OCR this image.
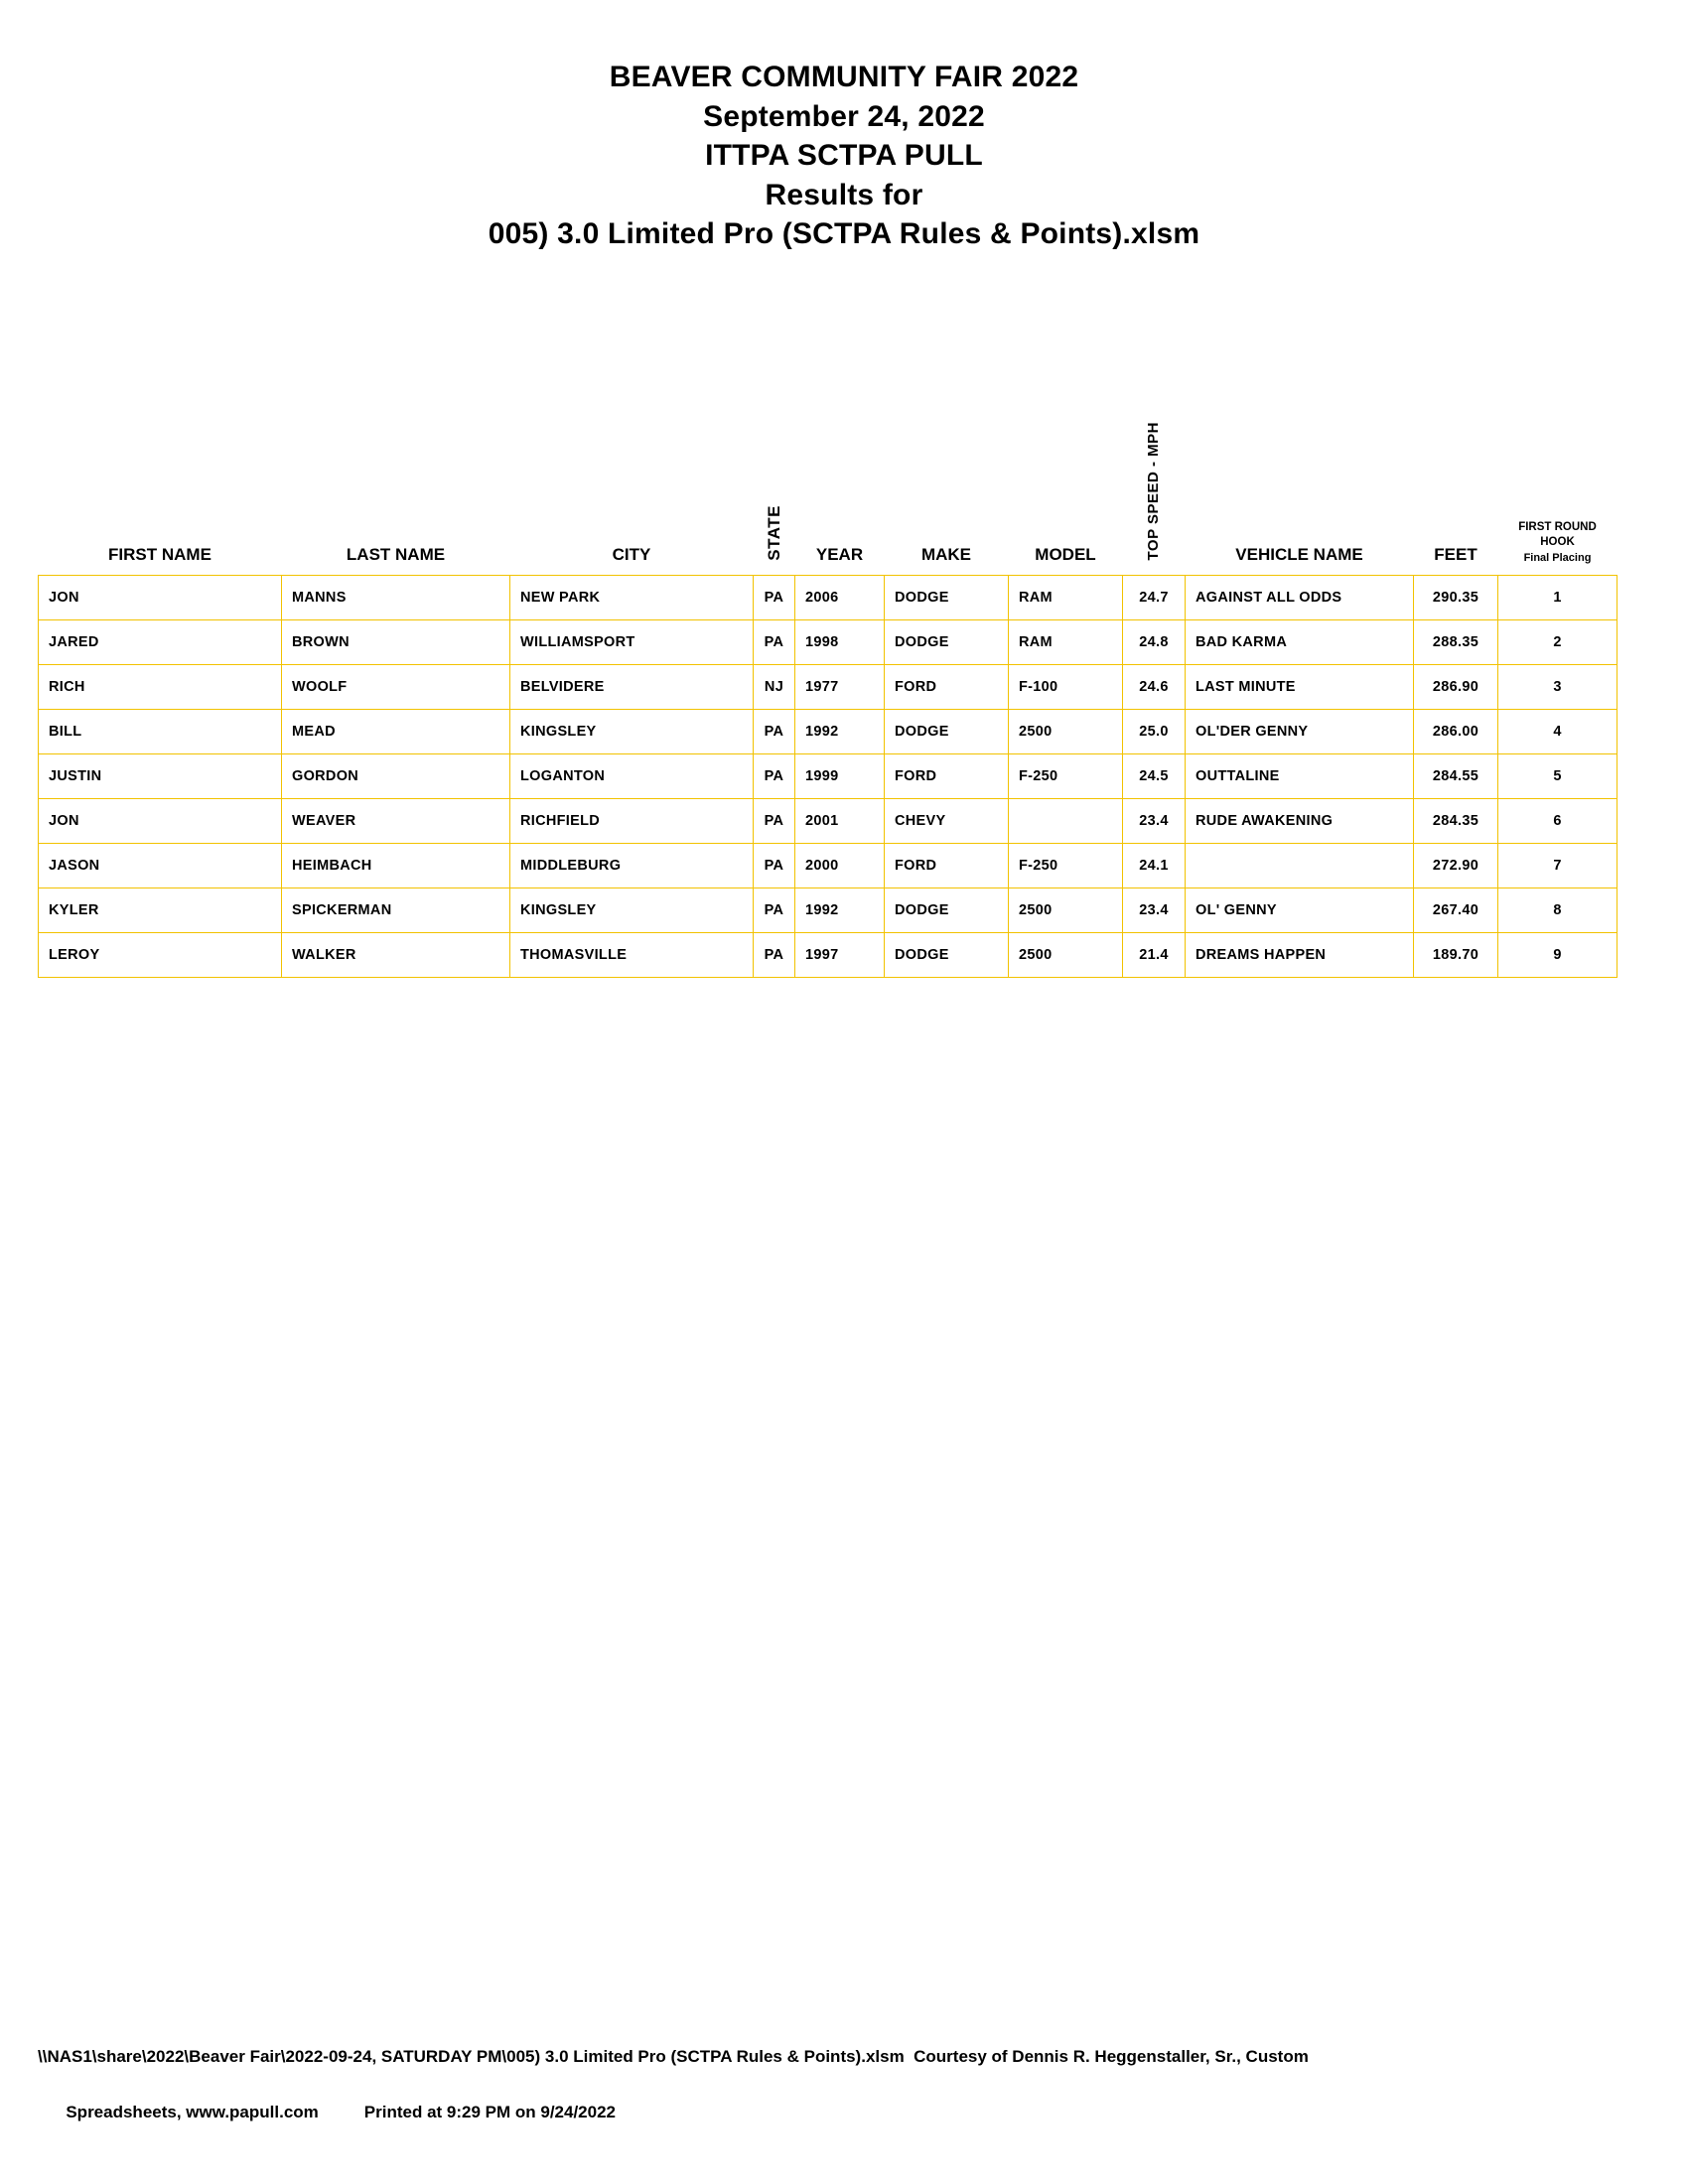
BEAVER COMMUNITY FAIR 2022
September 24, 2022
ITTPA SCTPA PULL
Results for
005) 3.0 Limited Pro (SCTPA Rules & Points).xlsm
FIRST NAME	LAST NAME	CITY	STATE	YEAR	MAKE	MODEL	TOP SPEED - MPH	VEHICLE NAME	FEET	FIRST ROUND
HOOK
Final Placing

JON	MANNS	NEW PARK	PA	2006	DODGE	RAM	24.7	AGAINST ALL ODDS	290.35	1
JARED	BROWN	WILLIAMSPORT	PA	1998	DODGE	RAM	24.8	BAD KARMA	288.35	2
RICH	WOOLF	BELVIDERE	NJ	1977	FORD	F-100	24.6	LAST MINUTE	286.90	3
BILL	MEAD	KINGSLEY	PA	1992	DODGE	2500	25.0	OL'DER GENNY	286.00	4
JUSTIN	GORDON	LOGANTON	PA	1999	FORD	F-250	24.5	OUTTALINE	284.55	5
JON	WEAVER	RICHFIELD	PA	2001	CHEVY		23.4	RUDE AWAKENING	284.35	6
JASON	HEIMBACH	MIDDLEBURG	PA	2000	FORD	F-250	24.1		272.90	7
KYLER	SPICKERMAN	KINGSLEY	PA	1992	DODGE	2500	23.4	OL' GENNY	267.40	8
LEROY	WALKER	THOMASVILLE	PA	1997	DODGE	2500	21.4	DREAMS HAPPEN	189.70	9
\\NAS1\share\2022\Beaver Fair\2022-09-24, SATURDAY PM\005) 3.0 Limited Pro (SCTPA Rules & Points).xlsm  Courtesy of Dennis R. Heggenstaller, Sr., Custom

Spreadsheets, www.papull.com	Printed at 9:29 PM on 9/24/2022
